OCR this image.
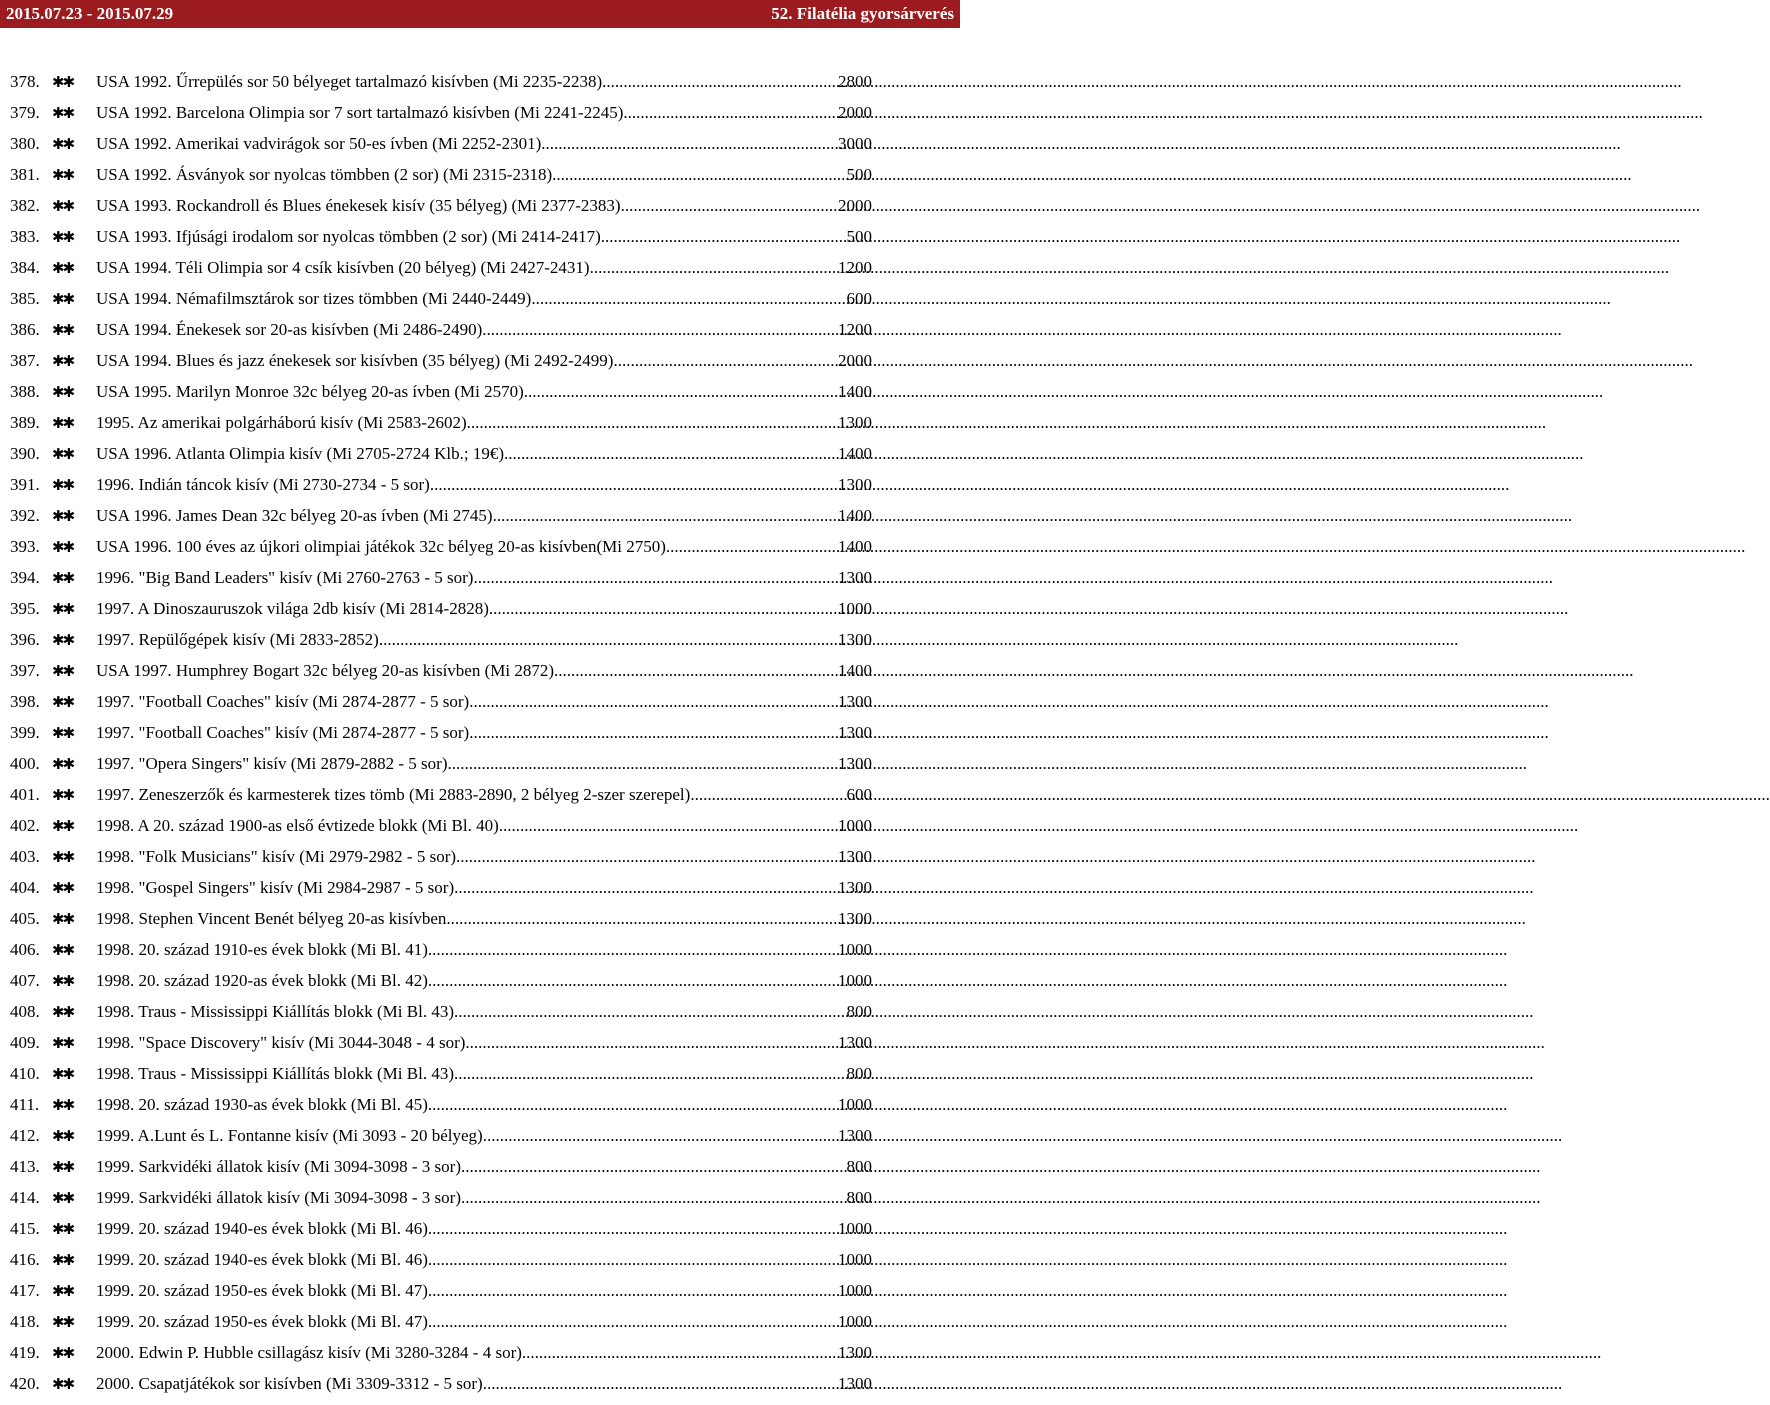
2015.07.23 - 2015.07.29	52. Filatélia gyorsárverés
378. ✱✱	USA 1992. Űrrepülés sor 50 bélyeget tartalmazó kisívben (Mi 2235-2238) .....	2800
379. ✱✱	USA 1992. Barcelona Olimpia sor 7 sort tartalmazó kisívben (Mi 2241-2245) .....	2000
380. ✱✱	USA 1992. Amerikai vadvirágok sor 50-es ívben (Mi 2252-2301) .....	3000
381. ✱✱	USA 1992. Ásványok sor nyolcas tömbben (2 sor) (Mi 2315-2318) .....	500
382. ✱✱	USA 1993. Rockandroll és Blues énekesek kisív (35 bélyeg) (Mi 2377-2383) .....	2000
383. ✱✱	USA 1993. Ifjúsági irodalom sor nyolcas tömbben (2 sor) (Mi 2414-2417) .....	500
384. ✱✱	USA 1994. Téli Olimpia sor 4 csík kisívben (20 bélyeg) (Mi 2427-2431) .....	1200
385. ✱✱	USA 1994. Némafilmsztárok sor tizes tömbben (Mi 2440-2449) .....	600
386. ✱✱	USA 1994. Énekesek sor 20-as kisívben (Mi 2486-2490) .....	1200
387. ✱✱	USA 1994. Blues és jazz énekesek sor kisívben (35 bélyeg) (Mi 2492-2499) .....	2000
388. ✱✱	USA 1995. Marilyn Monroe 32c bélyeg 20-as ívben (Mi 2570) .....	1400
389. ✱✱	1995. Az amerikai polgárháború kisív (Mi 2583-2602) .....	1300
390. ✱✱	USA 1996. Atlanta Olimpia kisív (Mi 2705-2724 Klb.; 19€) .....	1400
391. ✱✱	1996. Indián táncok kisív (Mi 2730-2734 - 5 sor) .....	1300
392. ✱✱	USA 1996. James Dean 32c bélyeg 20-as ívben (Mi 2745) .....	1400
393. ✱✱	USA 1996. 100 éves az újkori olimpiai játékok 32c bélyeg 20-as kisívben(Mi 2750) .....	1400
394. ✱✱	1996. "Big Band Leaders" kisív (Mi 2760-2763 - 5 sor) .....	1300
395. ✱✱	1997. A Dinoszauruszok világa 2db kisív (Mi 2814-2828) .....	1000
396. ✱✱	1997. Repülőgépek kisív (Mi 2833-2852) .....	1300
397. ✱✱	USA 1997. Humphrey Bogart 32c bélyeg 20-as kisívben (Mi 2872) .....	1400
398. ✱✱	1997. "Football Coaches" kisív (Mi 2874-2877 - 5 sor) .....	1300
399. ✱✱	1997. "Football Coaches" kisív (Mi 2874-2877 - 5 sor) .....	1300
400. ✱✱	1997. "Opera Singers" kisív (Mi 2879-2882 - 5 sor) .....	1300
401. ✱✱	1997. Zeneszerzők és karmesterek tizes tömb (Mi 2883-2890, 2 bélyeg 2-szer szerepel) .....	600
402. ✱✱	1998. A 20. század 1900-as első évtizede blokk (Mi Bl. 40) .....	1000
403. ✱✱	1998. "Folk Musicians" kisív (Mi 2979-2982 - 5 sor) .....	1300
404. ✱✱	1998. "Gospel Singers" kisív (Mi 2984-2987 - 5 sor) .....	1300
405. ✱✱	1998. Stephen Vincent Benét bélyeg 20-as kisívben .....	1300
406. ✱✱	1998. 20. század 1910-es évek blokk (Mi Bl. 41) .....	1000
407. ✱✱	1998. 20. század 1920-as évek blokk (Mi Bl. 42) .....	1000
408. ✱✱	1998. Traus - Mississippi Kiállítás blokk (Mi Bl. 43) .....	800
409. ✱✱	1998. "Space Discovery" kisív (Mi 3044-3048 - 4 sor) .....	1300
410. ✱✱	1998. Traus - Mississippi Kiállítás blokk (Mi Bl. 43) .....	800
411. ✱✱	1998. 20. század 1930-as évek blokk (Mi Bl. 45) .....	1000
412. ✱✱	1999. A.Lunt és L. Fontanne kisív (Mi 3093 - 20 bélyeg) .....	1300
413. ✱✱	1999. Sarkvidéki állatok kisív (Mi 3094-3098 - 3 sor) .....	800
414. ✱✱	1999. Sarkvidéki állatok kisív (Mi 3094-3098 - 3 sor) .....	800
415. ✱✱	1999. 20. század 1940-es évek blokk (Mi Bl. 46) .....	1000
416. ✱✱	1999. 20. század 1940-es évek blokk (Mi Bl. 46) .....	1000
417. ✱✱	1999. 20. század 1950-es évek blokk (Mi Bl. 47) .....	1000
418. ✱✱	1999. 20. század 1950-es évek blokk (Mi Bl. 47) .....	1000
419. ✱✱	2000. Edwin P. Hubble csillagász kisív (Mi 3280-3284 - 4 sor) .....	1300
420. ✱✱	2000. Csapatjátékok sor kisívben (Mi 3309-3312 - 5 sor) .....	1300
